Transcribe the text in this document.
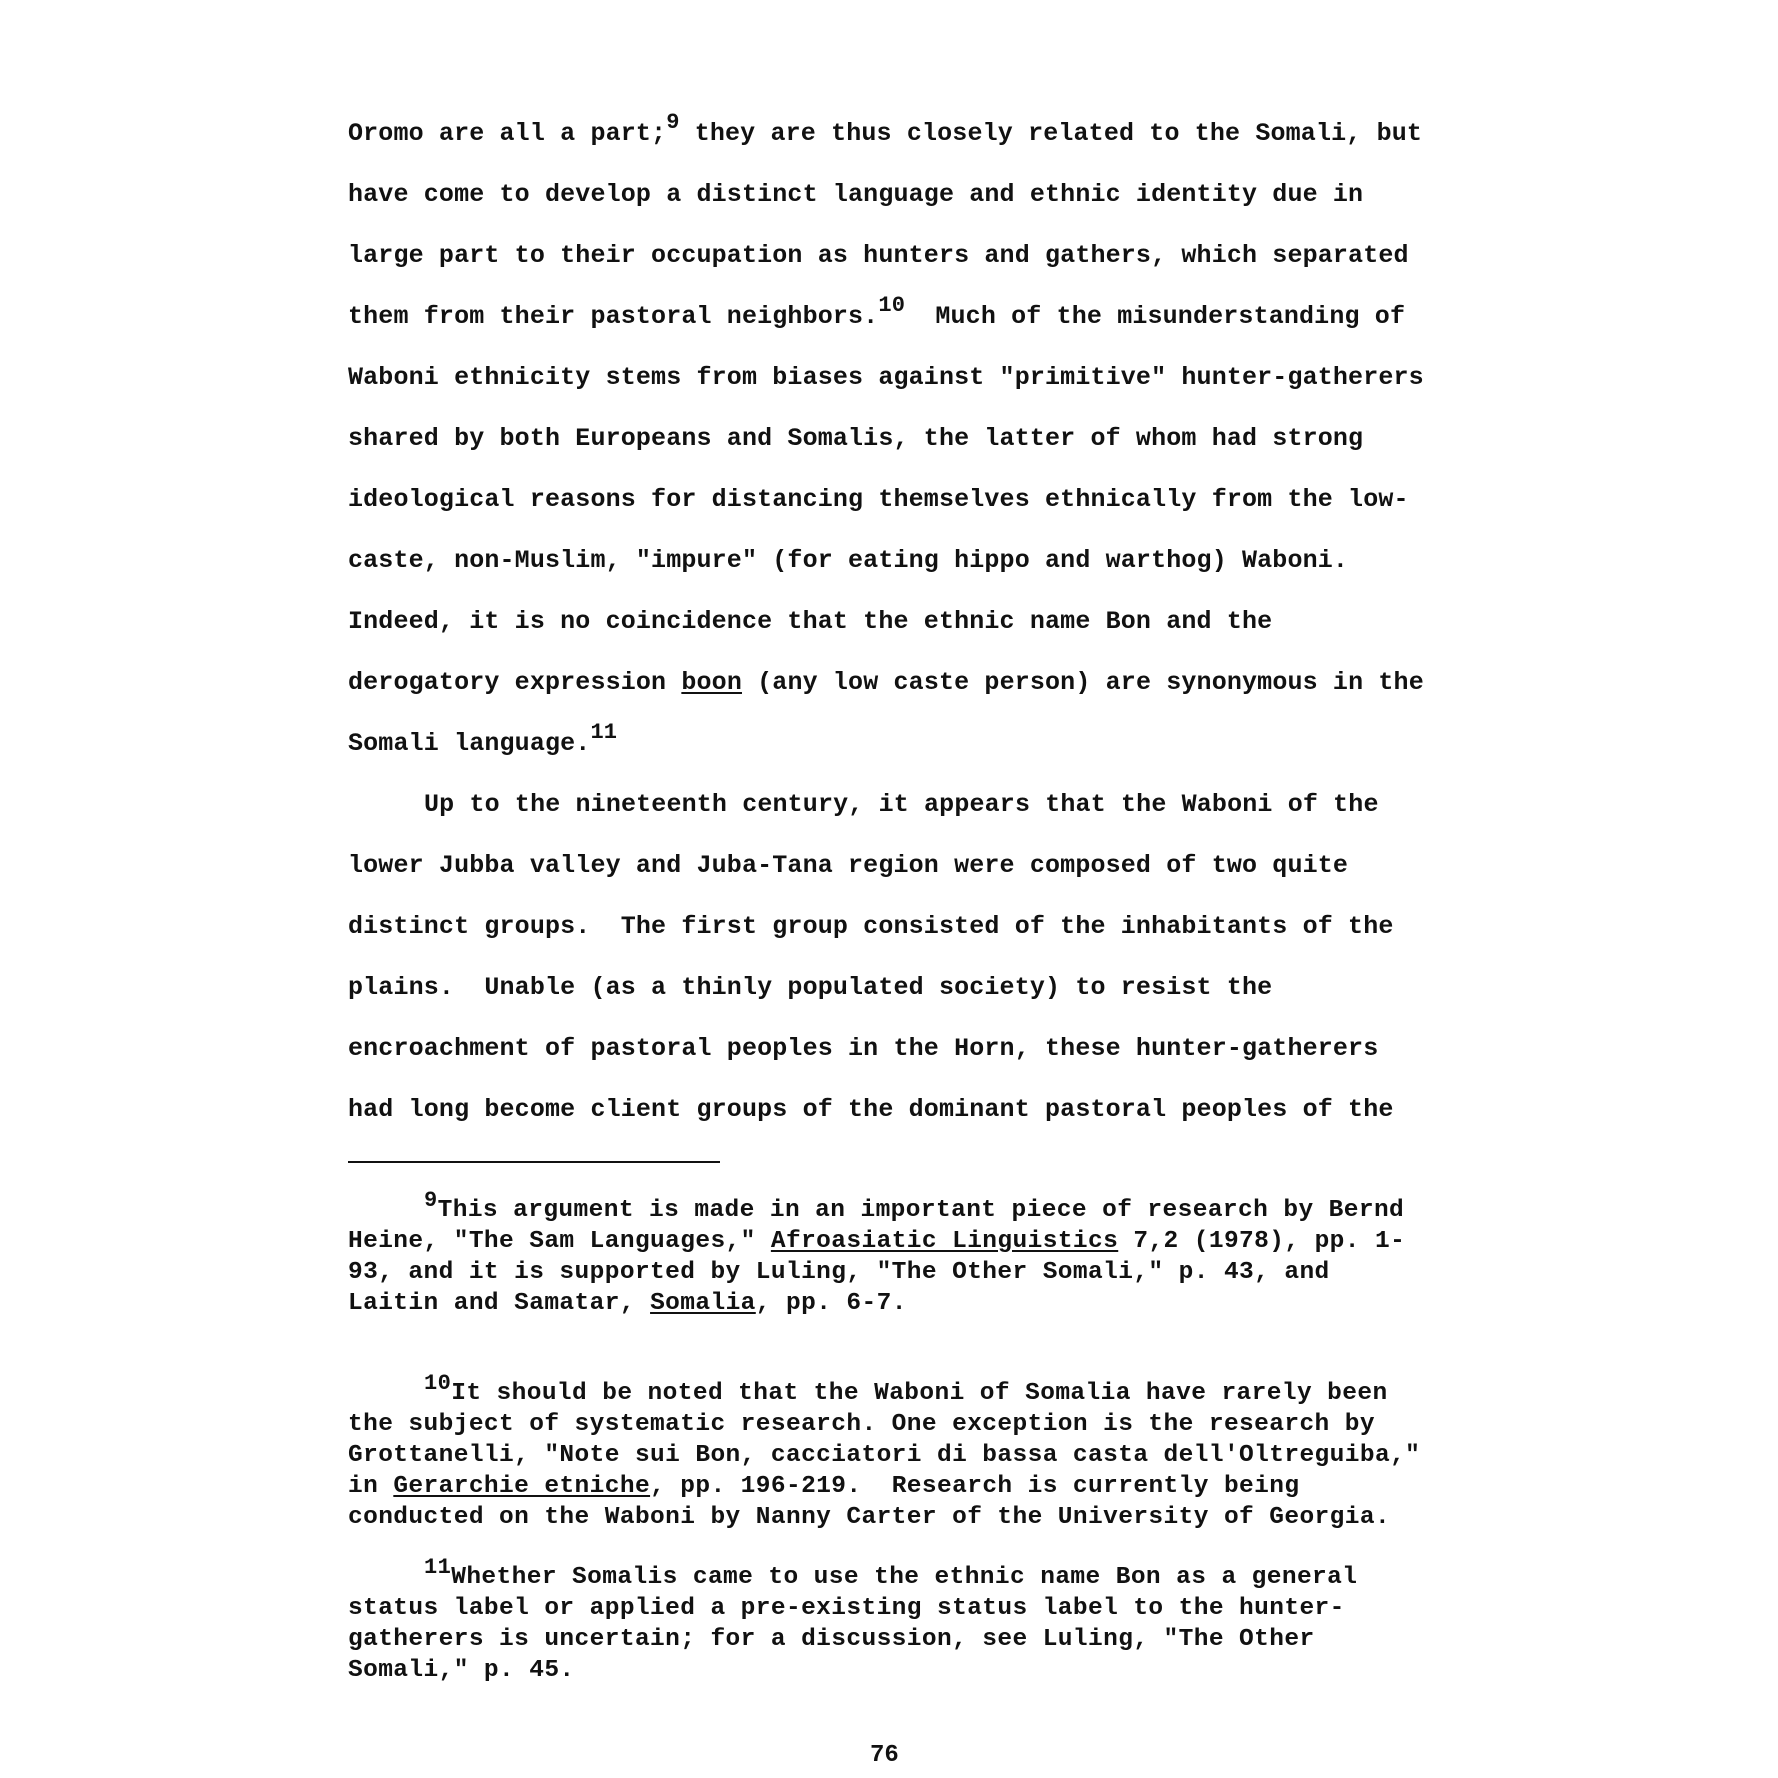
Oromo are all a part;$^9$ they are thus closely related to the Somali, but
have come to develop a distinct language and ethnic identity due in
large part to their occupation as hunters and gathers, which separated
them from their pastoral neighbors.$^{10}$  Much of the misunderstanding of
Waboni ethnicity stems from biases against "primitive" hunter-gatherers
shared by both Europeans and Somalis, the latter of whom had strong
ideological reasons for distancing themselves ethnically from the low-
caste, non-Muslim, "impure" (for eating hippo and warthog) Waboni.
Indeed, it is no coincidence that the ethnic name Bon and the
derogatory expression boon (any low caste person) are synonymous in the
Somali language.$^{11}$
Up to the nineteenth century, it appears that the Waboni of the
lower Jubba valley and Juba-Tana region were composed of two quite
distinct groups.  The first group consisted of the inhabitants of the
plains.  Unable (as a thinly populated society) to resist the
encroachment of pastoral peoples in the Horn, these hunter-gatherers
had long become client groups of the dominant pastoral peoples of the
$^9$This argument is made in an important piece of research by Bernd
Heine, "The Sam Languages," Afroasiatic Linguistics 7,2 (1978), pp. 1-
93, and it is supported by Luling, "The Other Somali," p. 43, and
Laitin and Samatar, Somalia, pp. 6-7.
$^{10}$It should be noted that the Waboni of Somalia have rarely been
the subject of systematic research. One exception is the research by
Grottanelli, "Note sui Bon, cacciatori di bassa casta dell'Oltreguiba,"
in Gerarchie etniche, pp. 196-219.  Research is currently being
conducted on the Waboni by Nanny Carter of the University of Georgia.
$^{11}$Whether Somalis came to use the ethnic name Bon as a general
status label or applied a pre-existing status label to the hunter-
gatherers is uncertain; for a discussion, see Luling, "The Other
Somali," p. 45.
76
